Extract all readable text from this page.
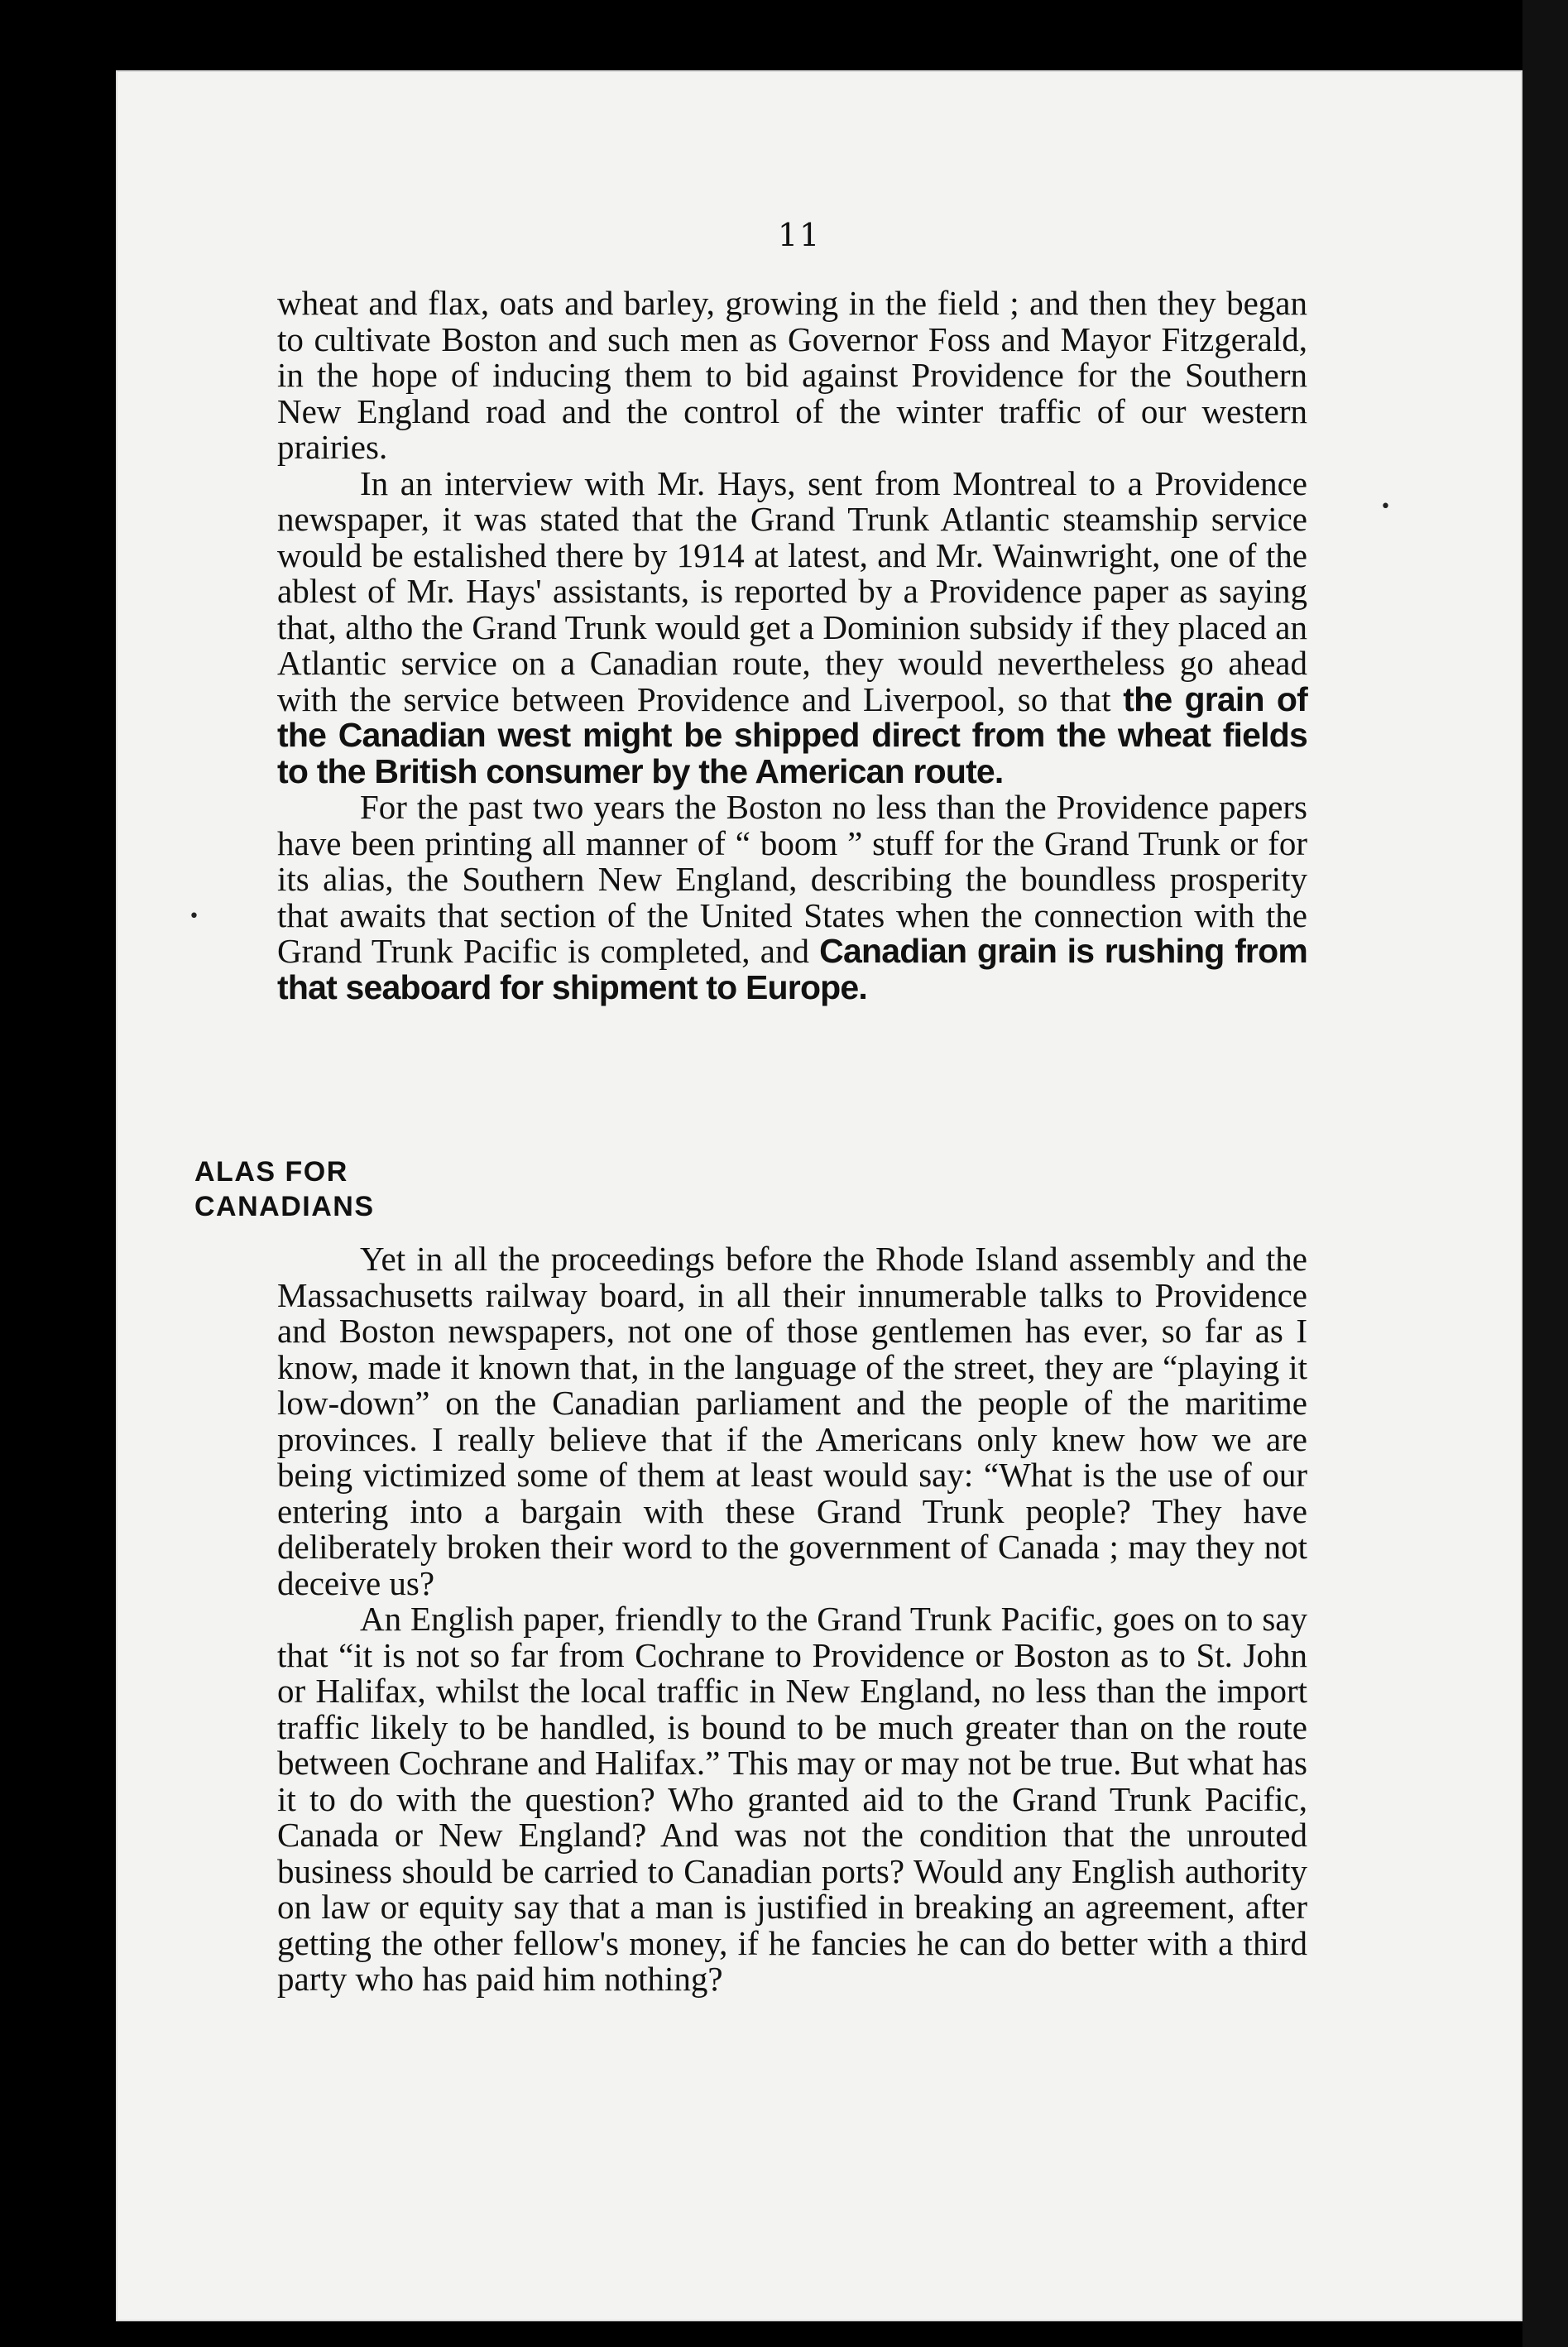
11

wheat and flax, oats and barley, growing in the field ; and then they began to cultivate Boston and such men as Governor Foss and Mayor Fitzgerald, in the hope of inducing them to bid against Providence for the Southern New England road and the control of the winter traffic of our western prairies.

In an interview with Mr. Hays, sent from Montreal to a Providence newspaper, it was stated that the Grand Trunk Atlantic steamship service would be estalished there by 1914 at latest, and Mr. Wainwright, one of the ablest of Mr. Hays' assistants, is reported by a Providence paper as saying that, altho the Grand Trunk would get a Dominion subsidy if they placed an Atlantic service on a Canadian route, they would nevertheless go ahead with the service between Providence and Liverpool, so that the grain of the Canadian west might be shipped direct from the wheat fields to the British consumer by the American route.

For the past two years the Boston no less than the Providence papers have been printing all manner of “ boom ” stuff for the Grand Trunk or for its alias, the Southern New England, describing the boundless prosperity that awaits that section of the United States when the connection with the Grand Trunk Pacific is completed, and Canadian grain is rushing from that seaboard for shipment to Europe.

ALAS FOR
CANADIANS

Yet in all the proceedings before the Rhode Island assembly and the Massachusetts railway board, in all their innumerable talks to Providence and Boston newspapers, not one of those gentlemen has ever, so far as I know, made it known that, in the language of the street, they are “playing it low-down” on the Canadian parliament and the people of the maritime provinces. I really believe that if the Americans only knew how we are being victimized some of them at least would say: “What is the use of our entering into a bargain with these Grand Trunk people? They have deliberately broken their word to the government of Canada ; may they not deceive us?

An English paper, friendly to the Grand Trunk Pacific, goes on to say that “it is not so far from Cochrane to Providence or Boston as to St. John or Halifax, whilst the local traffic in New England, no less than the import traffic likely to be handled, is bound to be much greater than on the route between Cochrane and Halifax.” This may or may not be true. But what has it to do with the question? Who granted aid to the Grand Trunk Pacific, Canada or New England? And was not the condition that the unrouted business should be carried to Canadian ports? Would any English authority on law or equity say that a man is justified in breaking an agreement, after getting the other fellow's money, if he fancies he can do better with a third party who has paid him nothing?

•
•
